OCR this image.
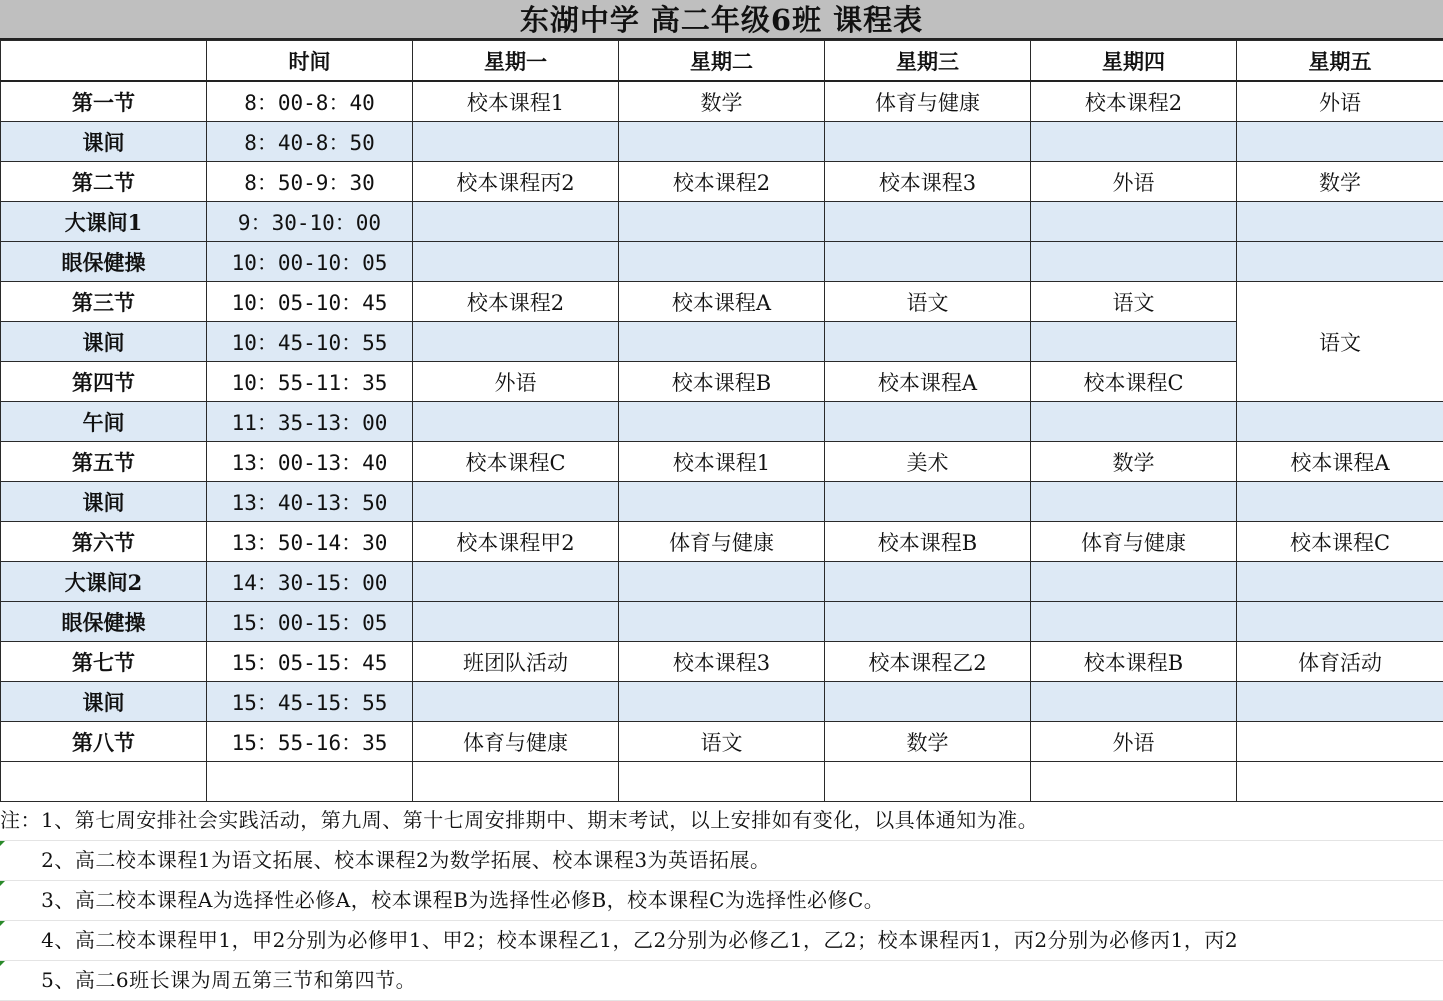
东湖中学 高二年级6班 课程表
	时间	星期一	星期二	星期三	星期四	星期五
第一节	8：00-8：40	校本课程1	数学	体育与健康	校本课程2	外语
课间	8：40-8：50					
第二节	8：50-9：30	校本课程丙2	校本课程2	校本课程3	外语	数学
大课间1	9：30-10：00					
眼保健操	10：00-10：05					
第三节	10：05-10：45	校本课程2	校本课程A	语文	语文	语文
课间	10：45-10：55					
第四节	10：55-11：35	外语	校本课程B	校本课程A	校本课程C	
午间	11：35-13：00					
第五节	13：00-13：40	校本课程C	校本课程1	美术	数学	校本课程A
课间	13：40-13：50					
第六节	13：50-14：30	校本课程甲2	体育与健康	校本课程B	体育与健康	校本课程C
大课间2	14：30-15：00					
眼保健操	15：00-15：05					
第七节	15：05-15：45	班团队活动	校本课程3	校本课程乙2	校本课程B	体育活动
课间	15：45-15：55					
第八节	15：55-16：35	体育与健康	语文	数学	外语	

注：1、第七周安排社会实践活动，第九周、第十七周安排期中、期末考试，以上安排如有变化，以具体通知为准。
2、高二校本课程1为语文拓展、校本课程2为数学拓展、校本课程3为英语拓展。
3、高二校本课程A为选择性必修A，校本课程B为选择性必修B，校本课程C为选择性必修C。
4、高二校本课程甲1，甲2分别为必修甲1、甲2；校本课程乙1，乙2分别为必修乙1，乙2；校本课程丙1，丙2分别为必修丙1，丙2
5、高二6班长课为周五第三节和第四节。
